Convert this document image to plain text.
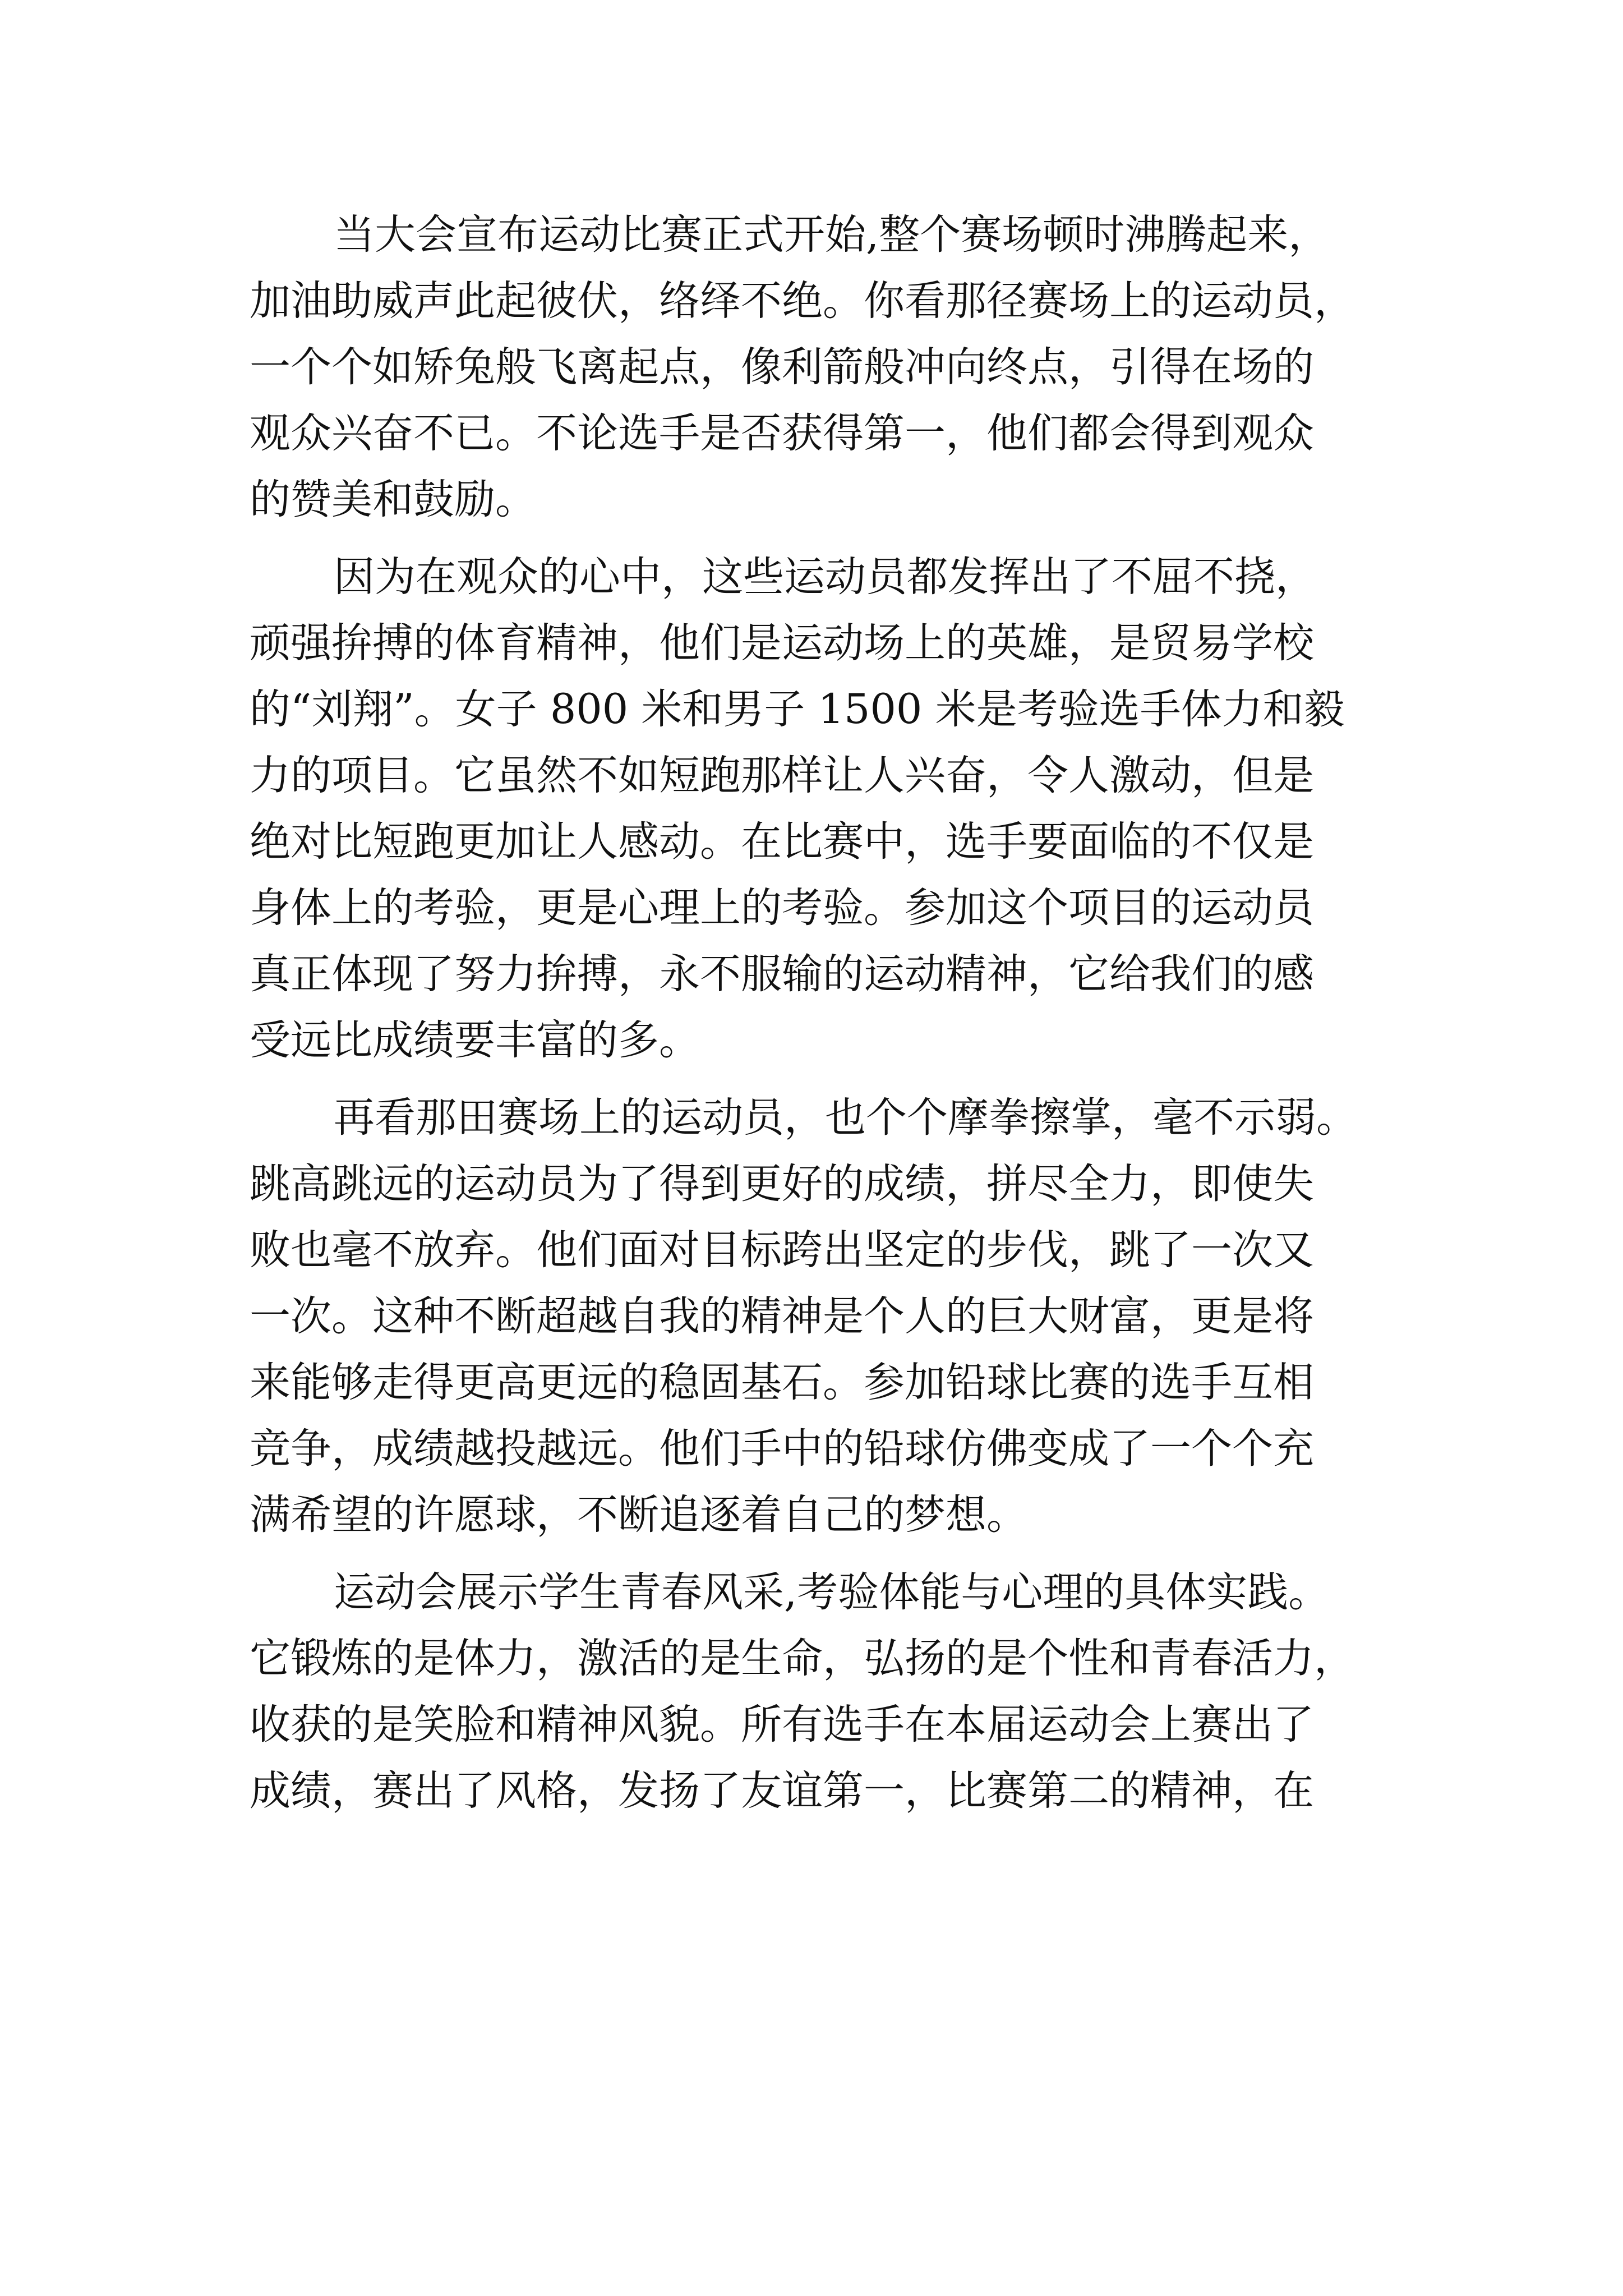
当大会宣布运动比赛正式开始,整个赛场顿时沸腾起来，
加油助威声此起彼伏，络绎不绝。你看那径赛场上的运动员，
一个个如矫兔般飞离起点，像利箭般冲向终点，引得在场的
观众兴奋不已。不论选手是否获得第一，他们都会得到观众
的赞美和鼓励。
因为在观众的心中，这些运动员都发挥出了不屈不挠，
顽强拚搏的体育精神，他们是运动场上的英雄，是贸易学校
的“刘翔”。女子 800 米和男子 1500 米是考验选手体力和毅
力的项目。它虽然不如短跑那样让人兴奋，令人激动，但是
绝对比短跑更加让人感动。在比赛中，选手要面临的不仅是
身体上的考验，更是心理上的考验。参加这个项目的运动员
真正体现了努力拚搏，永不服输的运动精神，它给我们的感
受远比成绩要丰富的多。
再看那田赛场上的运动员，也个个摩拳擦掌，毫不示弱。
跳高跳远的运动员为了得到更好的成绩，拼尽全力，即使失
败也毫不放弃。他们面对目标跨出坚定的步伐，跳了一次又
一次。这种不断超越自我的精神是个人的巨大财富，更是将
来能够走得更高更远的稳固基石。参加铅球比赛的选手互相
竞争，成绩越投越远。他们手中的铅球仿佛变成了一个个充
满希望的许愿球，不断追逐着自己的梦想。
运动会展示学生青春风采,考验体能与心理的具体实践。
它锻炼的是体力，激活的是生命，弘扬的是个性和青春活力，
收获的是笑脸和精神风貌。所有选手在本届运动会上赛出了
成绩，赛出了风格，发扬了友谊第一，比赛第二的精神，在
